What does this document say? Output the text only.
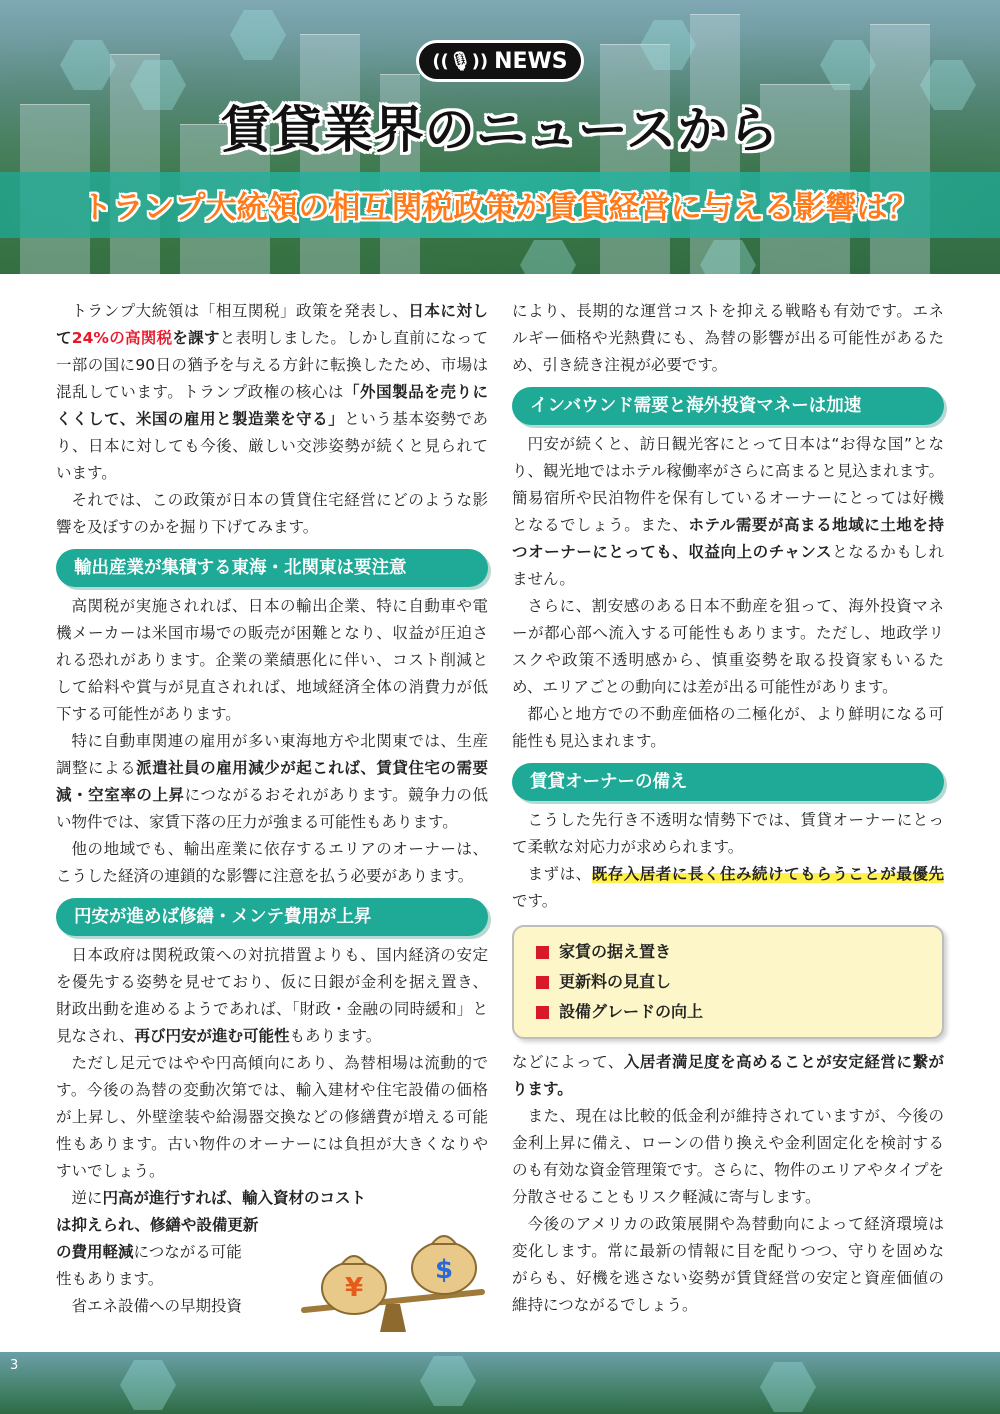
((🎙)) NEWS
賃貸業界のニュースから
トランプ大統領の相互関税政策が賃貸経営に与える影響は？

トランプ大統領は「相互関税」政策を発表し、日本に対して24%の高関税を課すと表明しました。しかし直前になって一部の国に90日の猶予を与える方針に転換したため、市場は混乱しています。トランプ政権の核心は「外国製品を売りにくくして、米国の雇用と製造業を守る」という基本姿勢であり、日本に対しても今後、厳しい交渉姿勢が続くと見られています。

それでは、この政策が日本の賃貸住宅経営にどのような影響を及ぼすのかを掘り下げてみます。

輸出産業が集積する東海・北関東は要注意

高関税が実施されれば、日本の輸出企業、特に自動車や電機メーカーは米国市場での販売が困難となり、収益が圧迫される恐れがあります。企業の業績悪化に伴い、コスト削減として給料や賞与が見直されれば、地域経済全体の消費力が低下する可能性があります。

特に自動車関連の雇用が多い東海地方や北関東では、生産調整による派遣社員の雇用減少が起これば、賃貸住宅の需要減・空室率の上昇につながるおそれがあります。競争力の低い物件では、家賃下落の圧力が強まる可能性もあります。

他の地域でも、輸出産業に依存するエリアのオーナーは、こうした経済の連鎖的な影響に注意を払う必要があります。

円安が進めば修繕・メンテ費用が上昇

日本政府は関税政策への対抗措置よりも、国内経済の安定を優先する姿勢を見せており、仮に日銀が金利を据え置き、財政出動を進めるようであれば、「財政・金融の同時緩和」と見なされ、再び円安が進む可能性もあります。

ただし足元ではやや円高傾向にあり、為替相場は流動的です。今後の為替の変動次第では、輸入建材や住宅設備の価格が上昇し、外壁塗装や給湯器交換などの修繕費が増える可能性もあります。古い物件のオーナーには負担が大きくなりやすいでしょう。

逆に円高が進行すれば、輸入資材のコスト
は抑えられ、修繕や設備更新
の費用軽減につながる可能
性もあります。
省エネ設備への早期投資
¥
$

により、長期的な運営コストを抑える戦略も有効です。エネルギー価格や光熱費にも、為替の影響が出る可能性があるため、引き続き注視が必要です。

インバウンド需要と海外投資マネーは加速

円安が続くと、訪日観光客にとって日本は“お得な国”となり、観光地ではホテル稼働率がさらに高まると見込まれます。簡易宿所や民泊物件を保有しているオーナーにとっては好機となるでしょう。また、ホテル需要が高まる地域に土地を持つオーナーにとっても、収益向上のチャンスとなるかもしれません。

さらに、割安感のある日本不動産を狙って、海外投資マネーが都心部へ流入する可能性もあります。ただし、地政学リスクや政策不透明感から、慎重姿勢を取る投資家もいるため、エリアごとの動向には差が出る可能性があります。

都心と地方での不動産価格の二極化が、より鮮明になる可能性も見込まれます。

賃貸オーナーの備え

こうした先行き不透明な情勢下では、賃貸オーナーにとって柔軟な対応力が求められます。

まずは、既存入居者に長く住み続けてもらうことが最優先です。

家賃の据え置き
更新料の見直し
設備グレードの向上

などによって、入居者満足度を高めることが安定経営に繋がります。

また、現在は比較的低金利が維持されていますが、今後の金利上昇に備え、ローンの借り換えや金利固定化を検討するのも有効な資金管理策です。さらに、物件のエリアやタイプを分散させることもリスク軽減に寄与します。

今後のアメリカの政策展開や為替動向によって経済環境は変化します。常に最新の情報に目を配りつつ、守りを固めながらも、好機を逃さない姿勢が賃貸経営の安定と資産価値の維持につながるでしょう。

3
